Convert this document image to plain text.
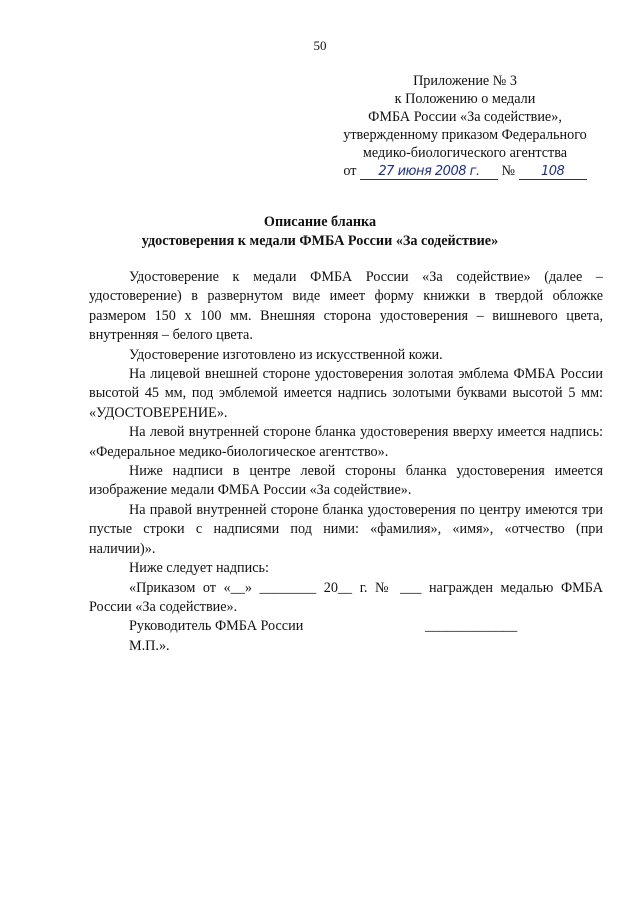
50
Приложение № 3
к Положению о медали
ФМБА России «За содействие»,
утвержденному приказом Федерального
медико-биологического агентства
от 27 июня 2008 г. № 108
Описание бланка
удостоверения к медали ФМБА России «За содействие»

Удостоверение к медали ФМБА России «За содействие» (далее – удостоверение) в развернутом виде имеет форму книжки в твердой обложке размером 150 х 100 мм. Внешняя сторона удостоверения – вишневого цвета, внутренняя – белого цвета.

Удостоверение изготовлено из искусственной кожи.

На лицевой внешней стороне удостоверения золотая эмблема ФМБА России высотой 45 мм, под эмблемой имеется надпись золотыми буквами высотой 5 мм: «УДОСТОВЕРЕНИЕ».

На левой внутренней стороне бланка удостоверения вверху имеется надпись: «Федеральное медико-биологическое агентство».

Ниже надписи в центре левой стороны бланка удостоверения имеется изображение медали ФМБА России «За содействие».

На правой внутренней стороне бланка удостоверения по центру имеются три пустые строки с надписями под ними: «фамилия», «имя», «отчество (при наличии)».

Ниже следует надпись:

«Приказом от «__» ________ 20__ г. № ___ награжден медалью ФМБА России «За содействие».

Руководитель ФМБА России	_____________

М.П.».
